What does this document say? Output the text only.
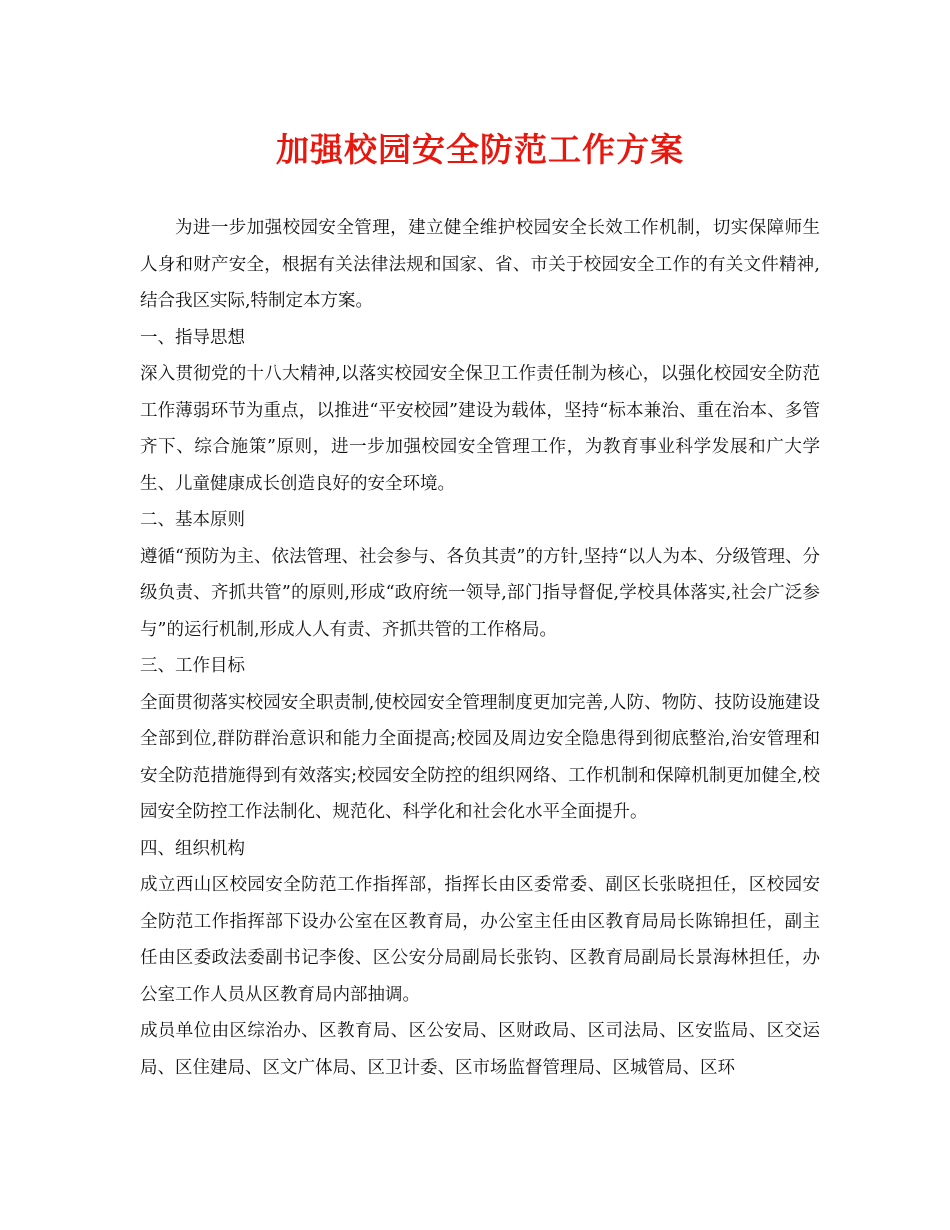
加强校园安全防范工作方案

为进一步加强校园安全管理，建立健全维护校园安全长效工作机制，切实保障师生人身和财产安全，根据有关法律法规和国家、省、市关于校园安全工作的有关文件精神,结合我区实际,特制定本方案。

一、指导思想

深入贯彻党的十八大精神,以落实校园安全保卫工作责任制为核心，以强化校园安全防范工作薄弱环节为重点，以推进“平安校园”建设为载体，坚持“标本兼治、重在治本、多管齐下、综合施策”原则，进一步加强校园安全管理工作，为教育事业科学发展和广大学生、儿童健康成长创造良好的安全环境。

二、基本原则

遵循“预防为主、依法管理、社会参与、各负其责”的方针,坚持“以人为本、分级管理、分级负责、齐抓共管”的原则,形成“政府统一领导,部门指导督促,学校具体落实,社会广泛参与”的运行机制,形成人人有责、齐抓共管的工作格局。

三、工作目标

全面贯彻落实校园安全职责制,使校园安全管理制度更加完善,人防、物防、技防设施建设全部到位,群防群治意识和能力全面提高;校园及周边安全隐患得到彻底整治,治安管理和安全防范措施得到有效落实;校园安全防控的组织网络、工作机制和保障机制更加健全,校园安全防控工作法制化、规范化、科学化和社会化水平全面提升。

四、组织机构

成立西山区校园安全防范工作指挥部，指挥长由区委常委、副区长张晓担任，区校园安全防范工作指挥部下设办公室在区教育局，办公室主任由区教育局局长陈锦担任，副主任由区委政法委副书记李俊、区公安分局副局长张钧、区教育局副局长景海林担任，办公室工作人员从区教育局内部抽调。

成员单位由区综治办、区教育局、区公安局、区财政局、区司法局、区安监局、区交运局、区住建局、区文广体局、区卫计委、区市场监督管理局、区城管局、区环
